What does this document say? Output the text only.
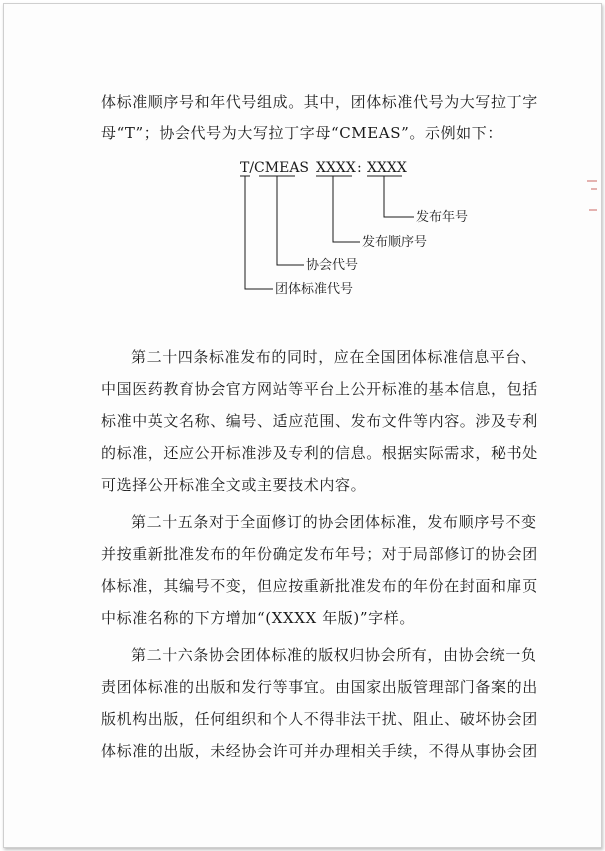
体标准顺序号和年代号组成。其中，团体标准代号为大写拉丁字
母“T”；协会代号为大写拉丁字母“CMEAS”。示例如下：
T/CMEAS XXXX : XXXX
发布年号
发布顺序号
协会代号
团体标准代号
第二十四条标准发布的同时，应在全国团体标准信息平台、
中国医药教育协会官方网站等平台上公开标准的基本信息，包括
标准中英文名称、编号、适应范围、发布文件等内容。涉及专利
的标准，还应公开标准涉及专利的信息。根据实际需求，秘书处
可选择公开标准全文或主要技术内容。
第二十五条对于全面修订的协会团体标准，发布顺序号不变
并按重新批准发布的年份确定发布年号；对于局部修订的协会团
体标准，其编号不变，但应按重新批准发布的年份在封面和扉页
中标准名称的下方增加“(XXXX 年版)”字样。
第二十六条协会团体标准的版权归协会所有，由协会统一负
责团体标准的出版和发行等事宜。由国家出版管理部门备案的出
版机构出版，任何组织和个人不得非法干扰、阻止、破坏协会团
体标准的出版，未经协会许可并办理相关手续，不得从事协会团
